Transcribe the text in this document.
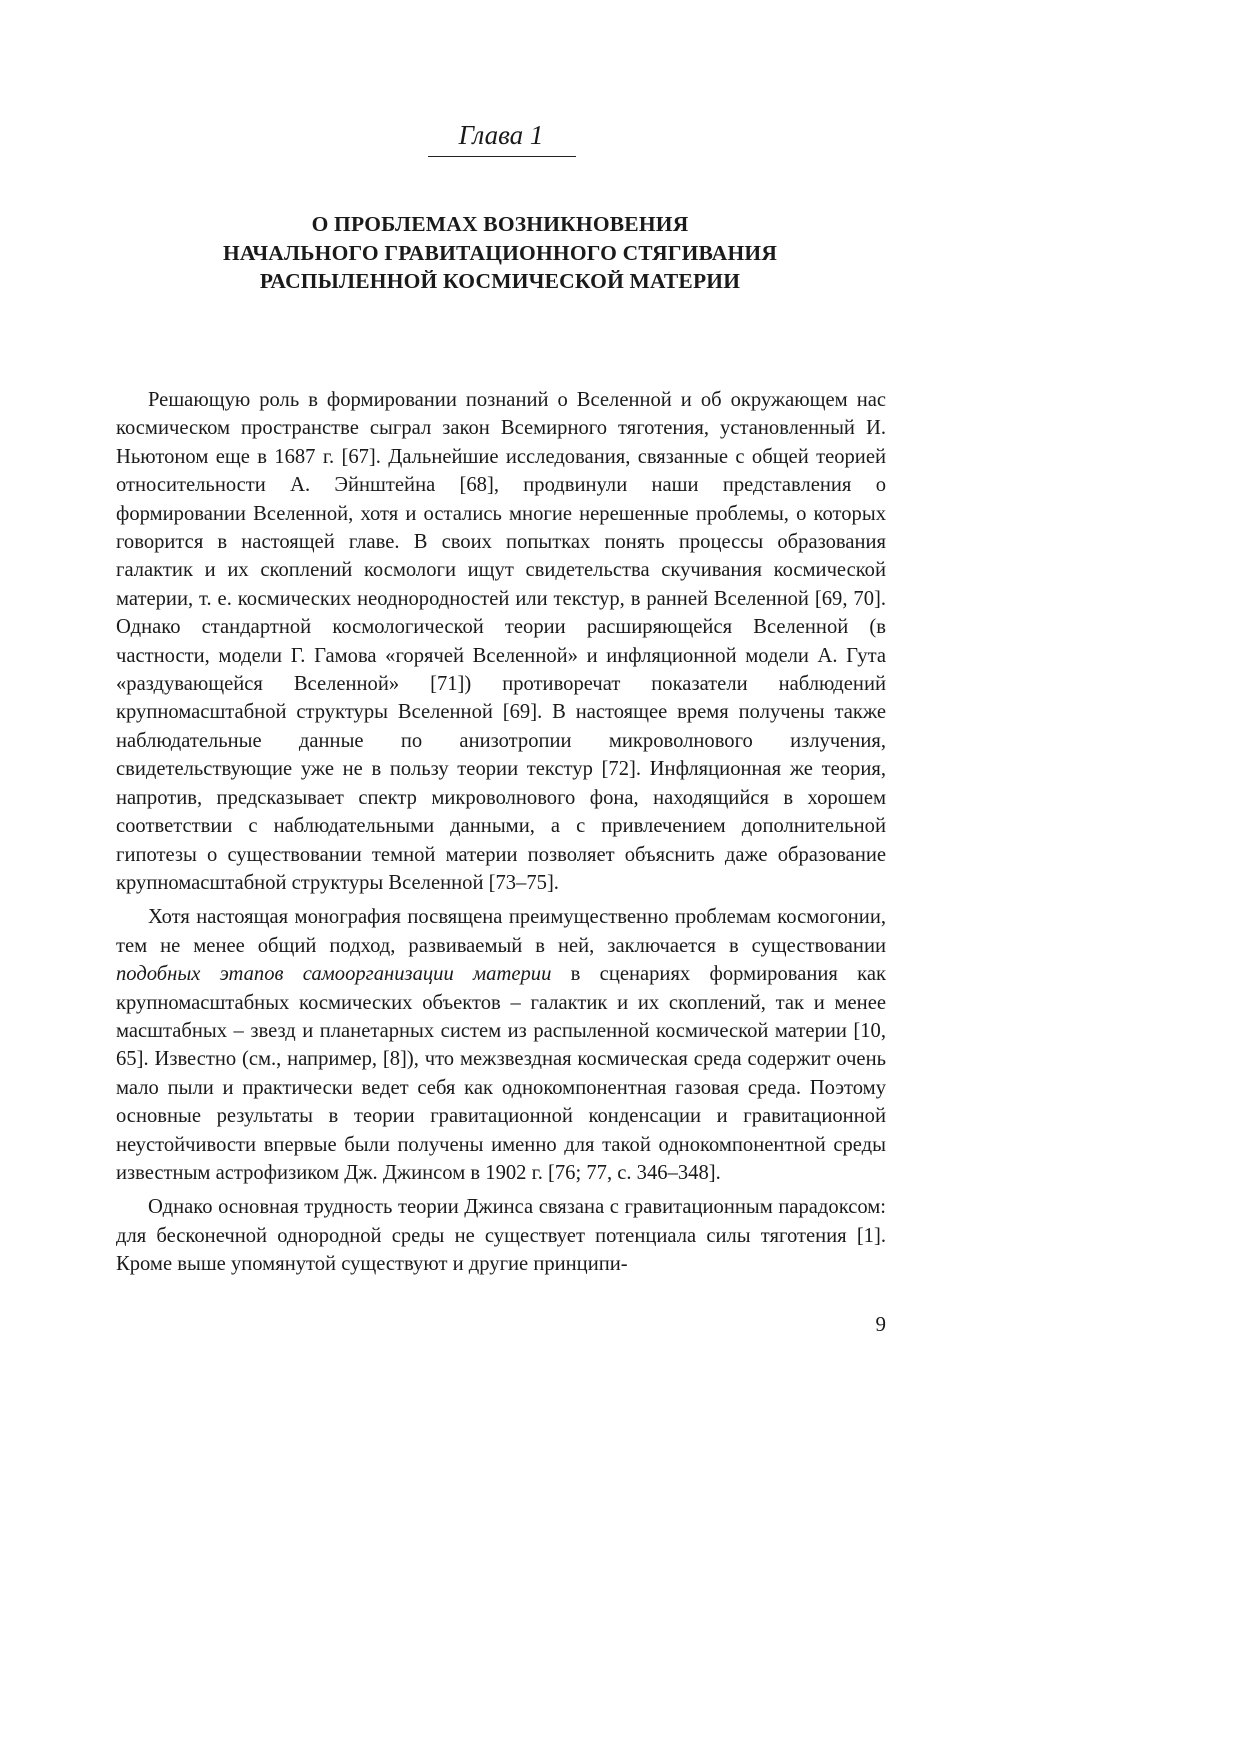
Глава 1
О ПРОБЛЕМАХ ВОЗНИКНОВЕНИЯ
НАЧАЛЬНОГО ГРАВИТАЦИОННОГО СТЯГИВАНИЯ
РАСПЫЛЕННОЙ КОСМИЧЕСКОЙ МАТЕРИИ

Решающую роль в формировании познаний о Вселенной и об окружающем нас космическом пространстве сыграл закон Всемирного тяготения, установленный И. Ньютоном еще в 1687 г. [67]. Дальнейшие исследования, связанные с общей теорией относительности А. Эйнштейна [68], продвинули наши представления о формировании Вселенной, хотя и остались многие нерешенные проблемы, о которых говорится в настоящей главе. В своих попытках понять процессы образования галактик и их скоплений космологи ищут свидетельства скучивания космической материи, т. е. космических неоднородностей или текстур, в ранней Вселенной [69, 70]. Однако стандартной космологической теории расширяющейся Вселенной (в частности, модели Г. Гамова «горячей Вселенной» и инфляционной модели А. Гута «раздувающейся Вселенной» [71]) противоречат показатели наблюдений крупномасштабной структуры Вселенной [69]. В настоящее время получены также наблюдательные данные по анизотропии микроволнового излучения, свидетельствующие уже не в пользу теории текстур [72]. Инфляционная же теория, напротив, предсказывает спектр микроволнового фона, находящийся в хорошем соответствии с наблюдательными данными, а с привлечением дополнительной гипотезы о существовании темной материи позволяет объяснить даже образование крупномасштабной структуры Вселенной [73–75].

Хотя настоящая монография посвящена преимущественно проблемам космогонии, тем не менее общий подход, развиваемый в ней, заключается в существовании подобных этапов самоорганизации материи в сценариях формирования как крупномасштабных космических объектов – галактик и их скоплений, так и менее масштабных – звезд и планетарных систем из распыленной космической материи [10, 65]. Известно (см., например, [8]), что межзвездная космическая среда содержит очень мало пыли и практически ведет себя как однокомпонентная газовая среда. Поэтому основные результаты в теории гравитационной конденсации и гравитационной неустойчивости впервые были получены именно для такой однокомпонентной среды известным астрофизиком Дж. Джинсом в 1902 г. [76; 77, с. 346–348].

Однако основная трудность теории Джинса связана с гравитационным парадоксом: для бесконечной однородной среды не существует потенциала силы тяготения [1]. Кроме выше упомянутой существуют и другие принципи-

9
